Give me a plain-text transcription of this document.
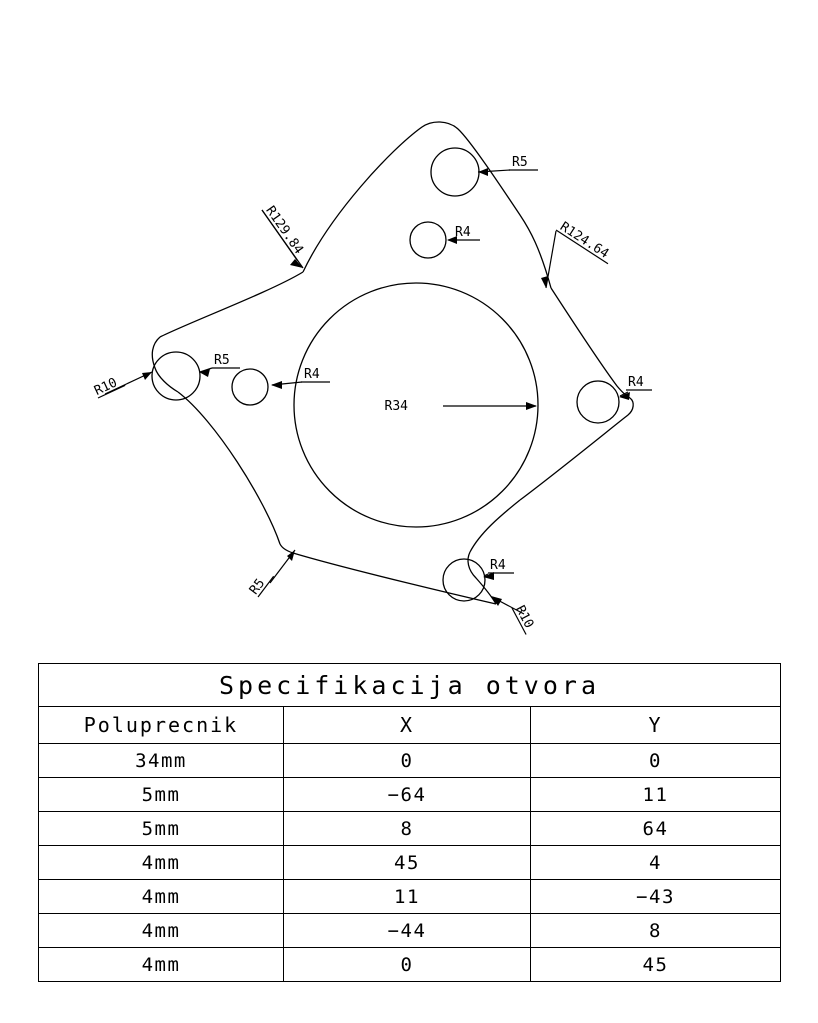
R5
R4
R129.84	R124.64
R10
R5
R4
R34
R4
R5
R4
R10
Specifikacija otvora		
Poluprecnik	X	Y
34mm	0	0
5mm	−64	11
5mm	8	64
4mm	45	4
4mm	11	−43
4mm	−44	8
4mm	0	45
